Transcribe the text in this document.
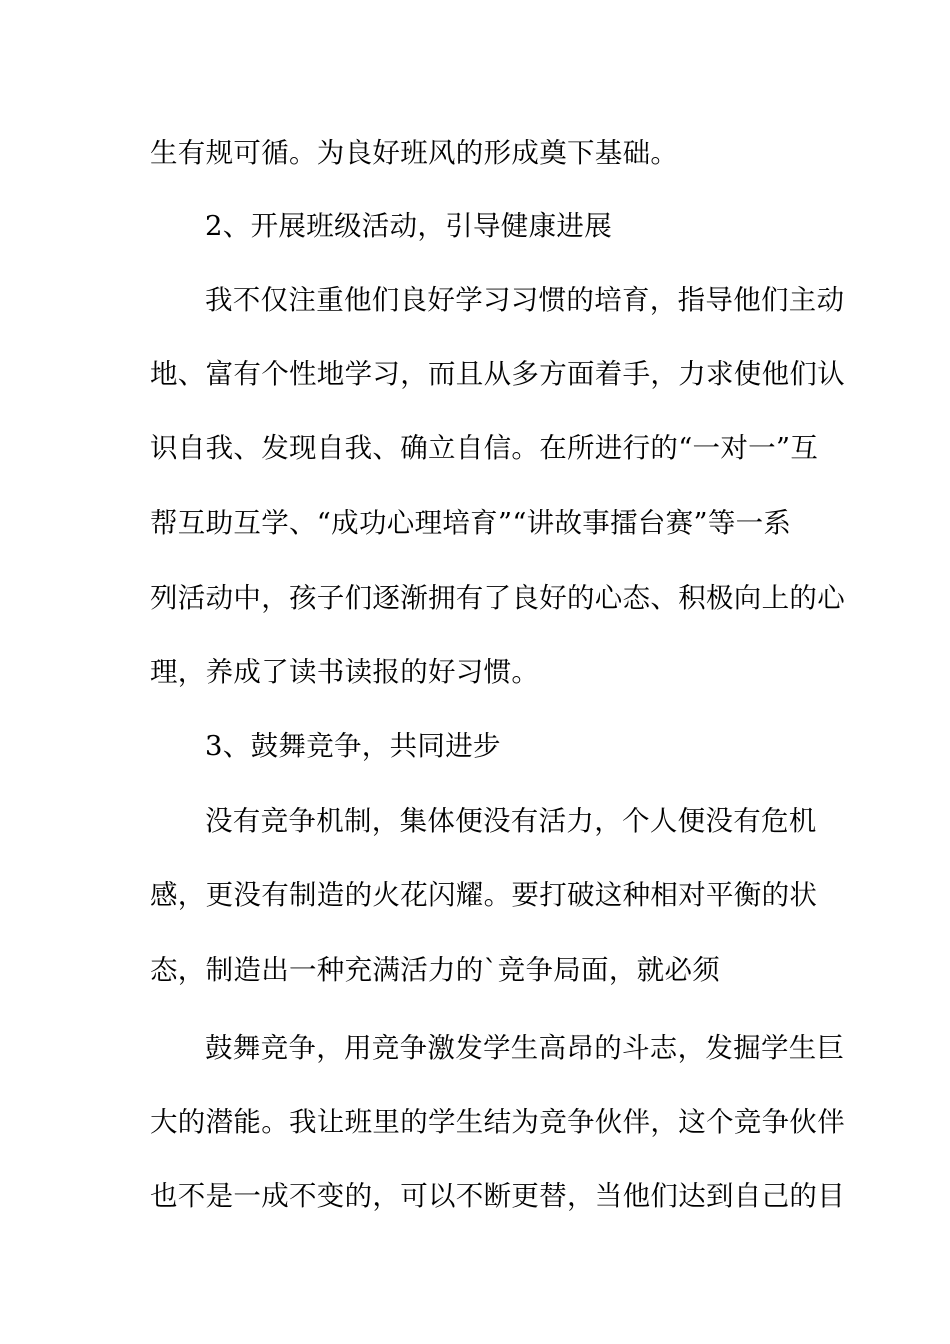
生有规可循。为良好班风的形成奠下基础。
2、开展班级活动，引导健康进展
我不仅注重他们良好学习习惯的培育，指导他们主动
地、富有个性地学习，而且从多方面着手，力求使他们认
识自我、发现自我、确立自信。在所进行的“一对一”互
帮互助互学、“成功心理培育”“讲故事擂台赛”等一系
列活动中，孩子们逐渐拥有了良好的心态、积极向上的心
理，养成了读书读报的好习惯。
3、鼓舞竞争，共同进步
没有竞争机制，集体便没有活力，个人便没有危机
感，更没有制造的火花闪耀。要打破这种相对平衡的状
态，制造出一种充满活力的`竞争局面，就必须
鼓舞竞争，用竞争激发学生高昂的斗志，发掘学生巨
大的潜能。我让班里的学生结为竞争伙伴，这个竞争伙伴
也不是一成不变的，可以不断更替，当他们达到自己的目
